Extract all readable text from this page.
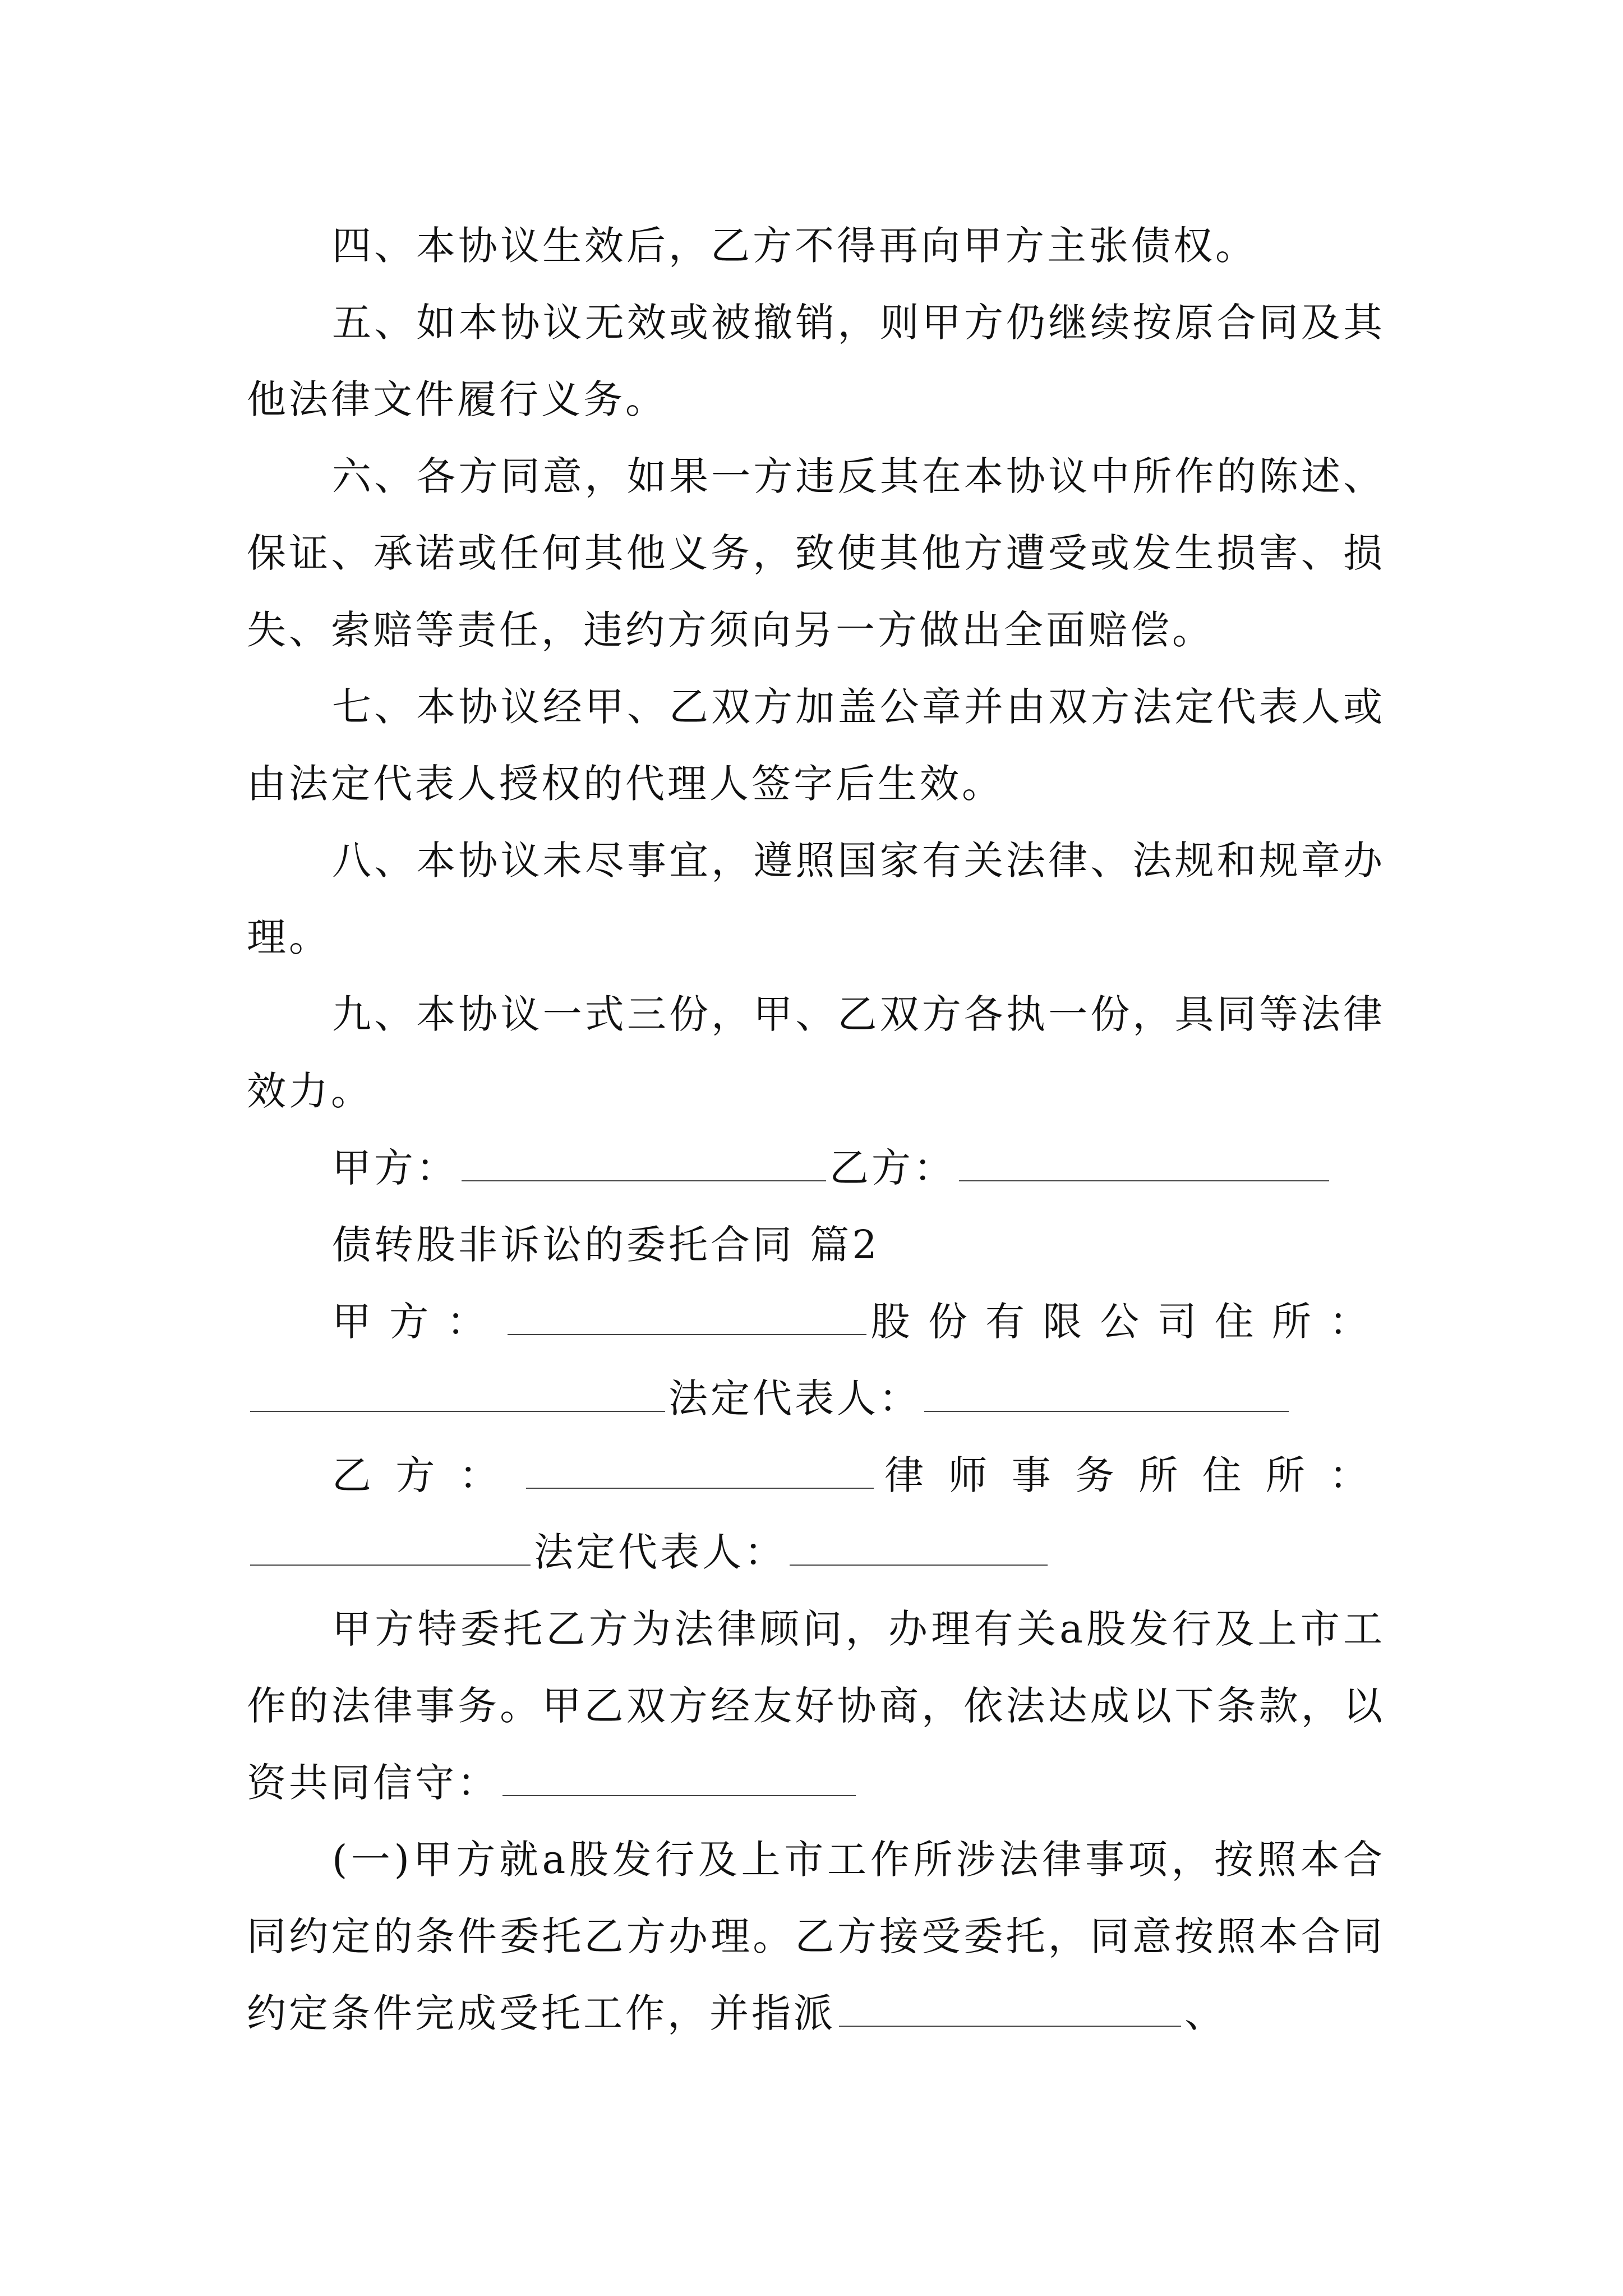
四、本协议生效后，乙方不得再向甲方主张债权。

五、如本协议无效或被撤销，则甲方仍继续按原合同及其他法律文件履行义务。

六、各方同意，如果一方违反其在本协议中所作的陈述、保证、承诺或任何其他义务，致使其他方遭受或发生损害、损失、索赔等责任，违约方须向另一方做出全面赔偿。

七、本协议经甲、乙双方加盖公章并由双方法定代表人或由法定代表人授权的代理人签字后生效。

八、本协议未尽事宜，遵照国家有关法律、法规和规章办理。

九、本协议一式三份，甲、乙双方各执一份，具同等法律效力。

甲方：	乙方：

债转股非诉讼的委托合同 篇2

甲方：	股份有限公司住所：

法定代表人：

乙方：	律师事务所住所：

法定代表人：

甲方特委托乙方为法律顾问，办理有关a股发行及上市工作的法律事务。甲乙双方经友好协商，依法达成以下条款，以资共同信守：

(一)甲方就a股发行及上市工作所涉法律事项，按照本合同约定的条件委托乙方办理。乙方接受委托，同意按照本合同约定条件完成受托工作，并指派	、
